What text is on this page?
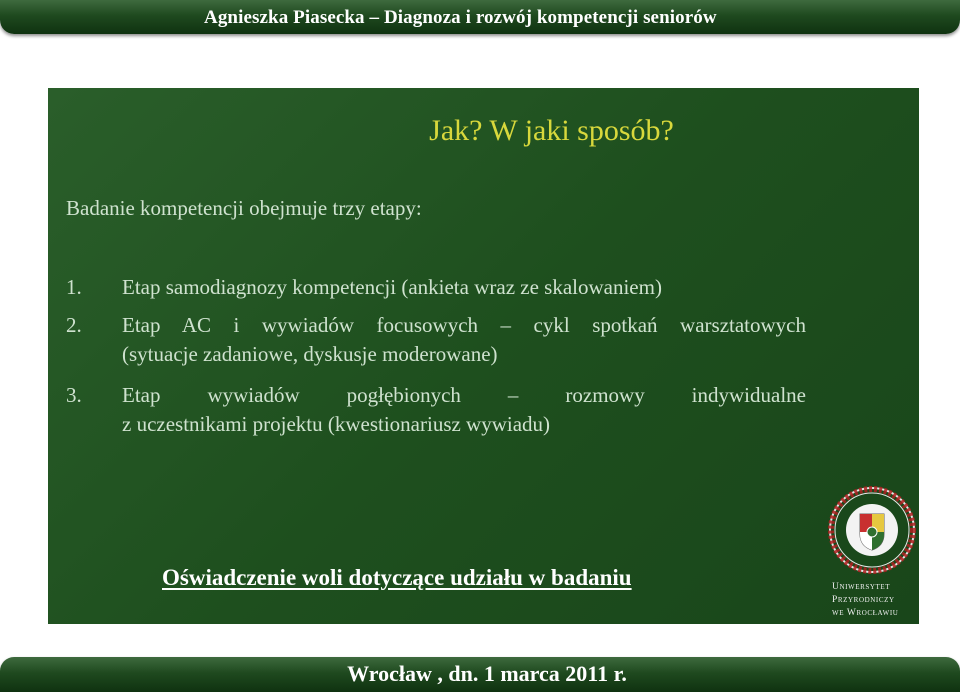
Agnieszka Piasecka – Diagnoza i rozwój kompetencji seniorów
Jak? W jaki sposób?
Badanie kompetencji obejmuje trzy etapy:
1.	Etap samodiagnozy kompetencji (ankieta wraz ze skalowaniem)
2. Etap AC i wywiadów focusowych – cykl spotkań warsztatowych
(sytuacje zadaniowe, dyskusje moderowane)
3. Etap wywiadów pogłębionych – rozmowy indywidualne
z uczestnikami projektu (kwestionariusz wywiadu)
Oświadczenie woli dotyczące udziału w badaniu	Uniwersytet
Przyrodniczy
we Wrocławiu
Wrocław , dn. 1 marca 2011 r.
